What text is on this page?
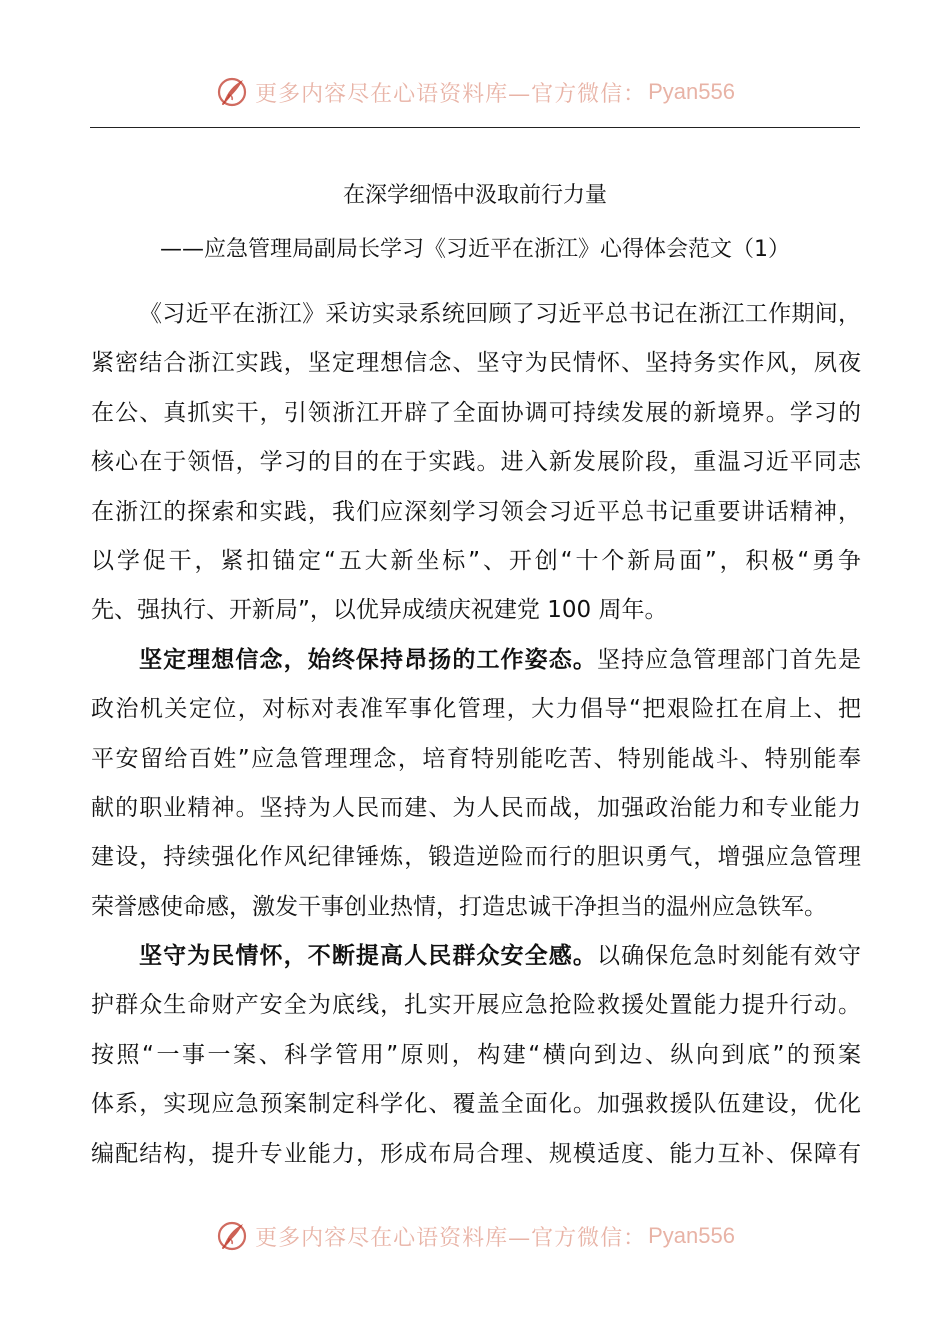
更多内容尽在心语资料库—官方微信： Pyan556
在深学细悟中汲取前行力量
——应急管理局副局长学习《习近平在浙江》心得体会范文（1）
《习近平在浙江》采访实录系统回顾了习近平总书记在浙江工作期间，
紧密结合浙江实践，坚定理想信念、坚守为民情怀、坚持务实作风，夙夜
在公、真抓实干，引领浙江开辟了全面协调可持续发展的新境界。学习的
核心在于领悟，学习的目的在于实践。进入新发展阶段，重温习近平同志
在浙江的探索和实践，我们应深刻学习领会习近平总书记重要讲话精神，
以学促干，紧扣锚定“五大新坐标”、开创“十个新局面”，积极“勇争
先、强执行、开新局”，以优异成绩庆祝建党 100 周年。
坚定理想信念，始终保持昂扬的工作姿态。坚持应急管理部门首先是
政治机关定位，对标对表准军事化管理，大力倡导“把艰险扛在肩上、把
平安留给百姓”应急管理理念，培育特别能吃苦、特别能战斗、特别能奉
献的职业精神。坚持为人民而建、为人民而战，加强政治能力和专业能力
建设，持续强化作风纪律锤炼，锻造逆险而行的胆识勇气，增强应急管理
荣誉感使命感，激发干事创业热情，打造忠诚干净担当的温州应急铁军。
坚守为民情怀，不断提高人民群众安全感。以确保危急时刻能有效守
护群众生命财产安全为底线，扎实开展应急抢险救援处置能力提升行动。
按照“一事一案、科学管用”原则，构建“横向到边、纵向到底”的预案
体系，实现应急预案制定科学化、覆盖全面化。加强救援队伍建设，优化
编配结构，提升专业能力，形成布局合理、规模适度、能力互补、保障有
更多内容尽在心语资料库—官方微信： Pyan556
